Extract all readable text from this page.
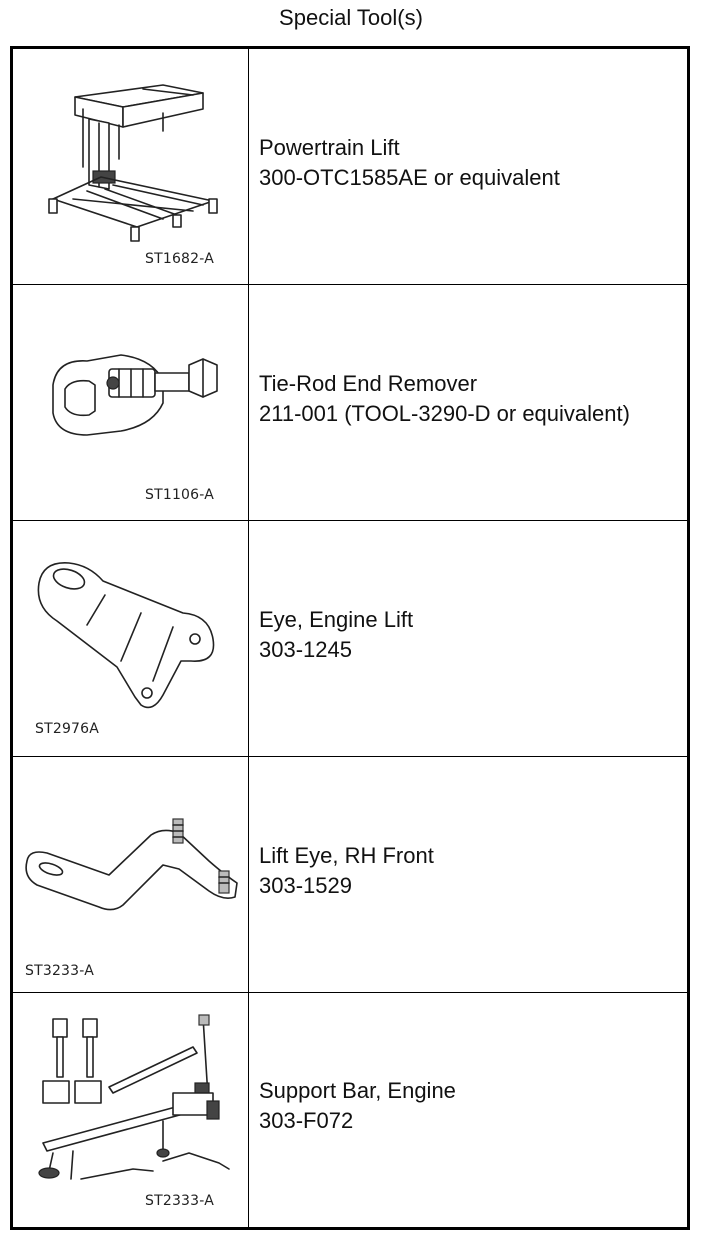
Special Tool(s)
ST1682-A
Powertrain Lift
300-OTC1585AE or equivalent
ST1106-A
Tie-Rod End Remover
211-001 (TOOL-3290-D or equivalent)
ST2976A
Eye, Engine Lift
303-1245
ST3233-A
Lift Eye, RH Front
303-1529
ST2333-A
Support Bar, Engine
303-F072
